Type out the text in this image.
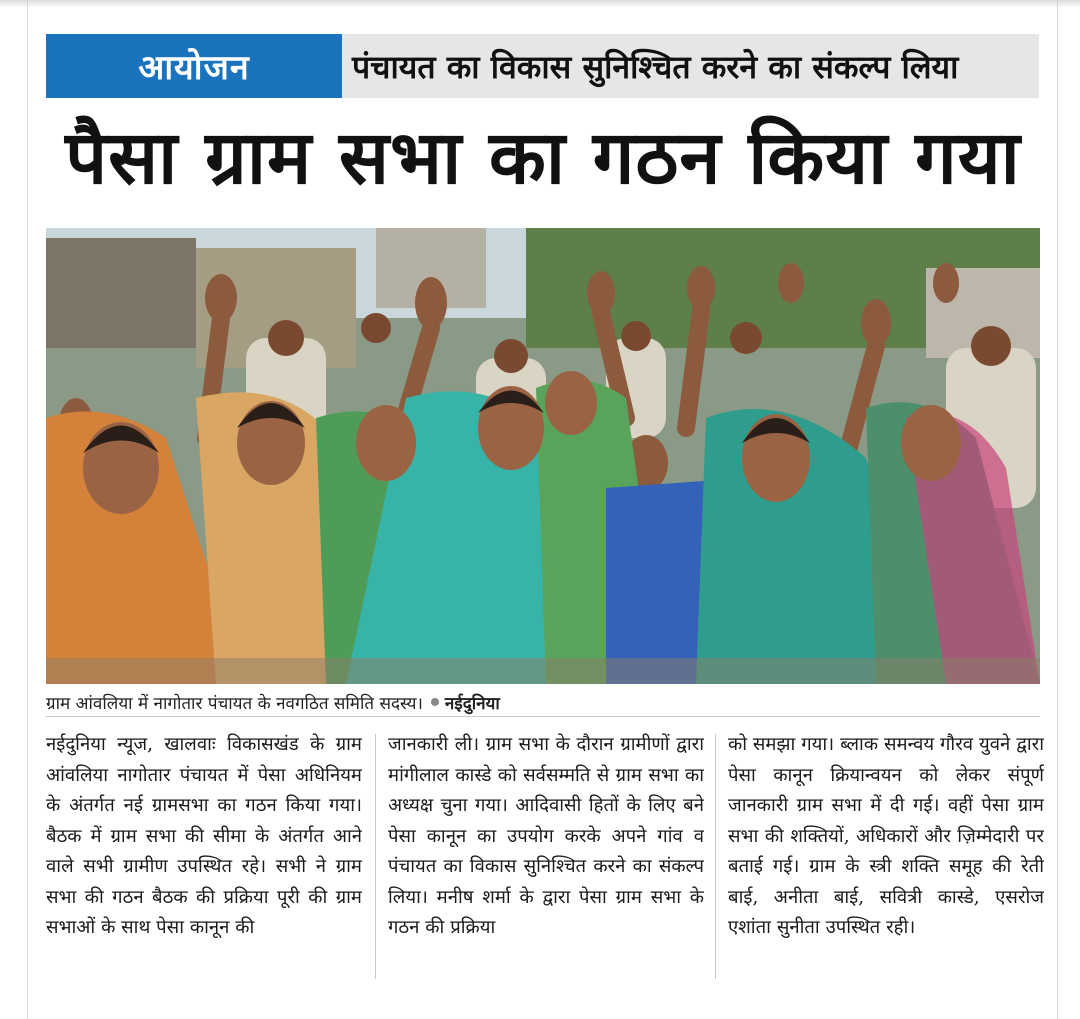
आयोजन	पंचायत का विकास सुनिश्चित करने का संकल्प लिया
पैसा ग्राम सभा का गठन किया गया
ग्राम आंवलिया में नागोतार पंचायत के नवगठित समिति सदस्य। नईदुनिया
नईदुनिया न्यूज, खालवाः विकासखंड के ग्राम आंवलिया नागोतार पंचायत में पेसा अधिनियम के अंतर्गत नई ग्रामसभा का गठन किया गया। बैठक में ग्राम सभा की सीमा के अंतर्गत आने वाले सभी ग्रामीण उपस्थित रहे। सभी ने ग्राम सभा की गठन बैठक की प्रक्रिया पूरी की ग्राम सभाओं के साथ पेसा कानून की
जानकारी ली। ग्राम सभा के दौरान ग्रामीणों द्वारा मांगीलाल कास्डे को सर्वसम्मति से ग्राम सभा का अध्यक्ष चुना गया। आदिवासी हितों के लिए बने पेसा कानून का उपयोग करके अपने गांव व पंचायत का विकास सुनिश्चित करने का संकल्प लिया। मनीष शर्मा के द्वारा पेसा ग्राम सभा के गठन की प्रक्रिया
को समझा गया। ब्लाक समन्वय गौरव युवने द्वारा पेसा कानून क्रियान्वयन को लेकर संपूर्ण जानकारी ग्राम सभा में दी गई। वहीं पेसा ग्राम सभा की शक्तियों, अधिकारों और ज़िम्मेदारी पर बताई गई। ग्राम के स्त्री शक्ति समूह की रेती बाई, अनीता बाई, सवित्री कास्डे, एसरोज एशांता सुनीता उपस्थित रही।
